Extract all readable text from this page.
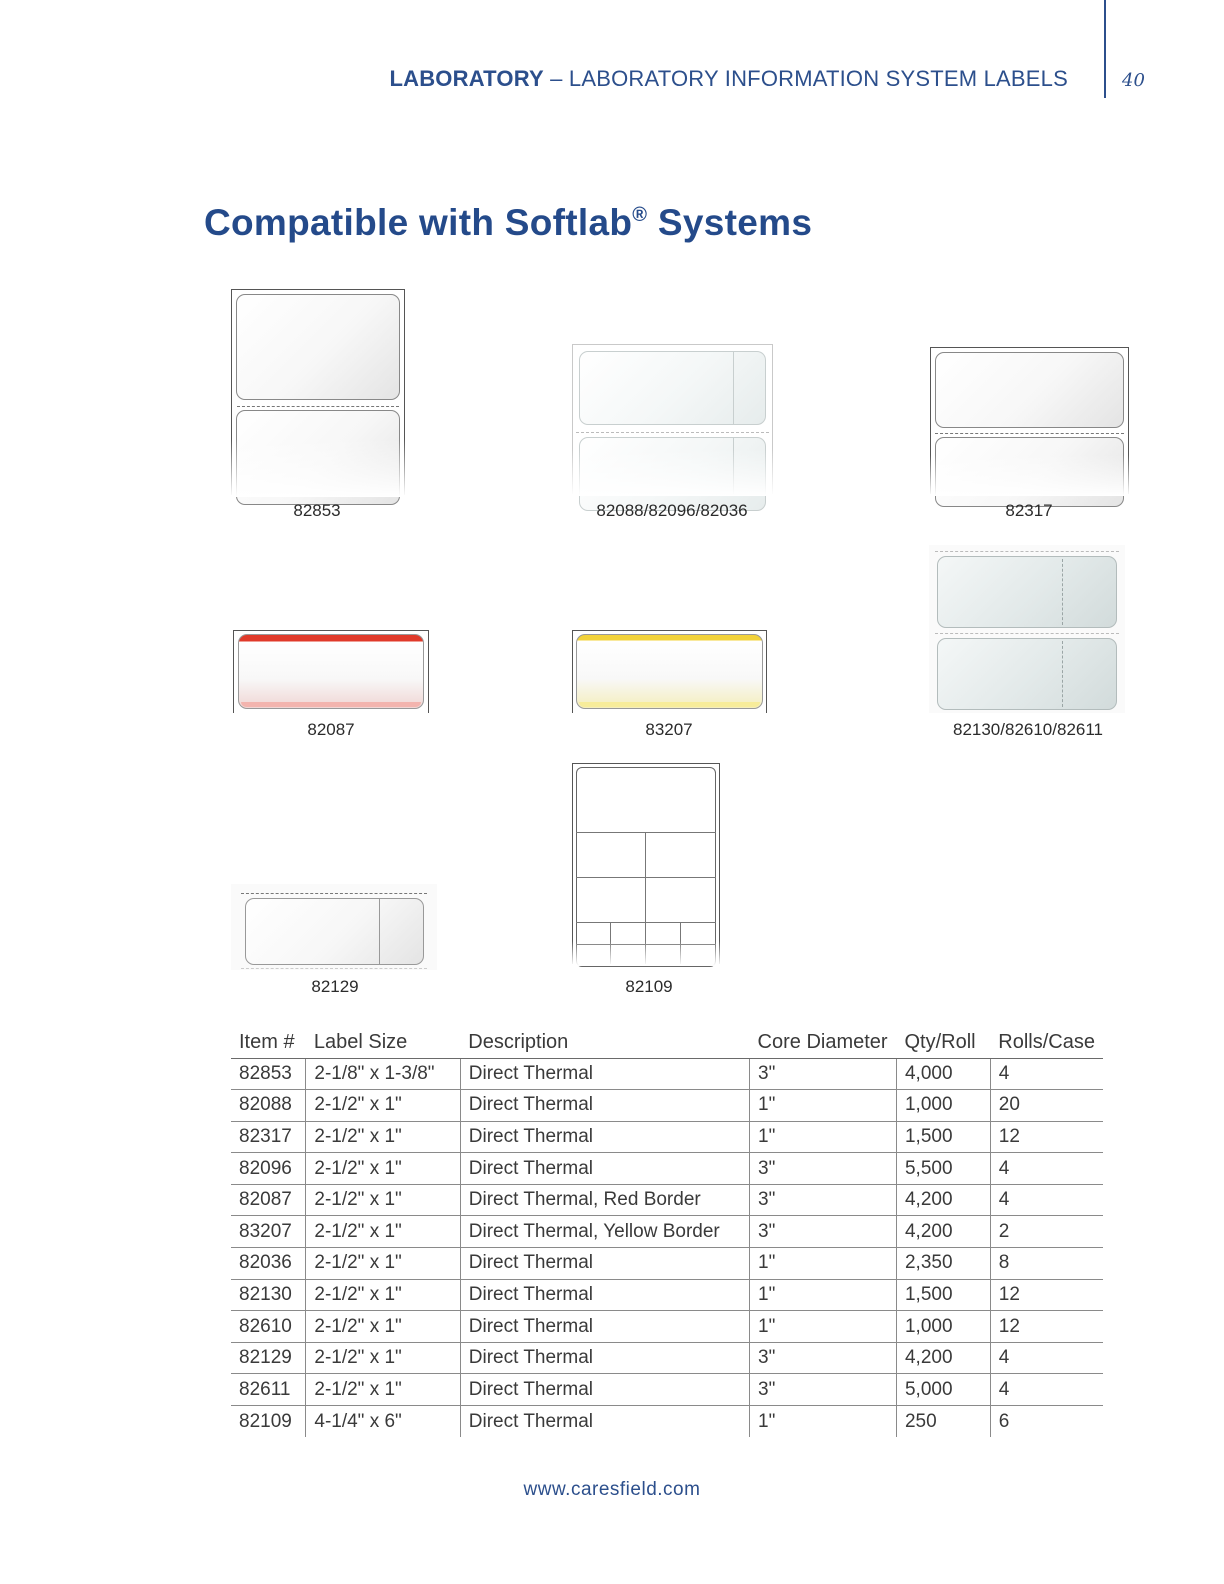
LABORATORY – LABORATORY INFORMATION SYSTEM LABELS	40
Compatible with Softlab® Systems
82853	82088/82096/82036	82317
82087	83207	82130/82610/82611
82129	82109
Item #	Label Size	Description	Core Diameter	Qty/Roll	Rolls/Case
82853	2-1/8" x 1-3/8"	Direct Thermal	3"	4,000	4
82088	2-1/2" x 1"	Direct Thermal	1"	1,000	20
82317	2-1/2" x 1"	Direct Thermal	1"	1,500	12
82096	2-1/2" x 1"	Direct Thermal	3"	5,500	4
82087	2-1/2" x 1"	Direct Thermal, Red Border	3"	4,200	4
83207	2-1/2" x 1"	Direct Thermal, Yellow Border	3"	4,200	2
82036	2-1/2" x 1"	Direct Thermal	1"	2,350	8
82130	2-1/2" x 1"	Direct Thermal	1"	1,500	12
82610	2-1/2" x 1"	Direct Thermal	1"	1,000	12
82129	2-1/2" x 1"	Direct Thermal	3"	4,200	4
82611	2-1/2" x 1"	Direct Thermal	3"	5,000	4
82109	4-1/4" x 6"	Direct Thermal	1"	250	6
www.caresfield.com
